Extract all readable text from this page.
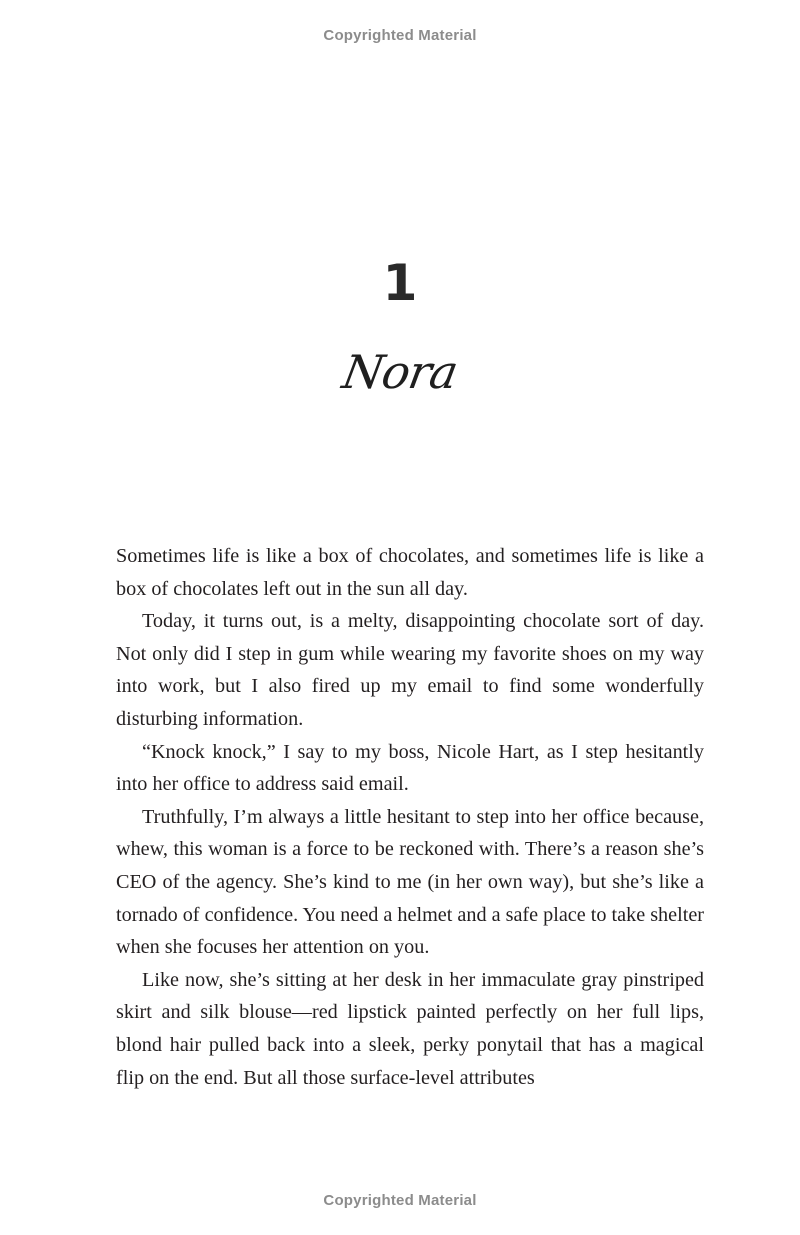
Copyrighted Material
1
Nora

Sometimes life is like a box of chocolates, and sometimes life is like a box of chocolates left out in the sun all day.

Today, it turns out, is a melty, disappointing chocolate sort of day. Not only did I step in gum while wearing my favorite shoes on my way into work, but I also fired up my email to find some wonderfully disturbing information.

“Knock knock,” I say to my boss, Nicole Hart, as I step hesitantly into her office to address said email.

Truthfully, I’m always a little hesitant to step into her office because, whew, this woman is a force to be reckoned with. There’s a reason she’s CEO of the agency. She’s kind to me (in her own way), but she’s like a tornado of confidence. You need a helmet and a safe place to take shelter when she focuses her attention on you.

Like now, she’s sitting at her desk in her immaculate gray pinstriped skirt and silk blouse—red lipstick painted perfectly on her full lips, blond hair pulled back into a sleek, perky ponytail that has a magical flip on the end. But all those surface-level attributes

Copyrighted Material
